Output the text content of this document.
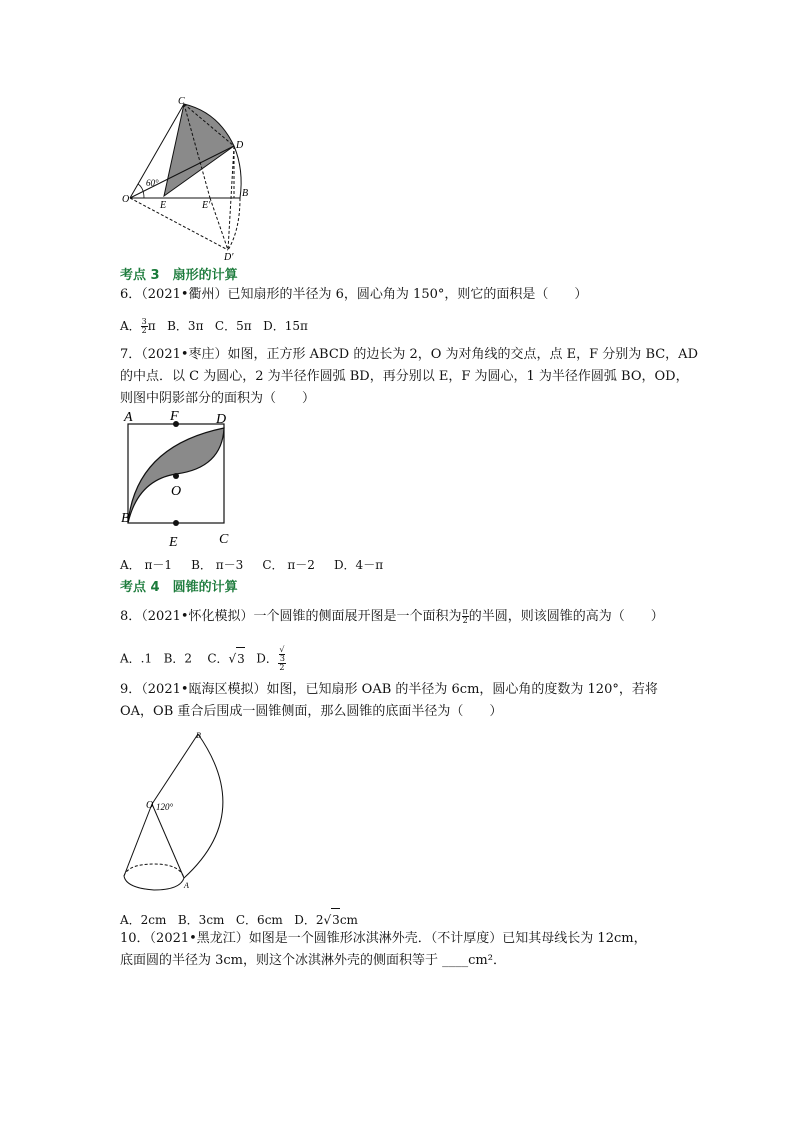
C
D
O
E	E′
B
D′
60°
考点 3　扇形的计算
6．（2021•衢州）已知扇形的半径为 6，圆心角为 150°，则它的面积是（　　）
A． $\frac{3}{2}$ π B．3π C．5π D．15π
7．（2021•枣庄）如图，正方形 ABCD 的边长为 2，O 为对角线的交点，点 E，F 分别为 BC，AD
的中点．以 C 为圆心，2 为半径作圆弧 BD，再分别以 E，F 为圆心，1 为半径作圆弧 BO，OD，
则图中阴影部分的面积为（　　）
A	F	D
O
B
E	C
A． π－1 B． π－3 C． π－2 D．4－π
考点 4　圆锥的计算
8．（2021•怀化模拟）一个圆锥的侧面展开图是一个面积为 $\frac{\pi}{2}$ 的半圆，则该圆锥的高为（　　）
A．.1 B．2 C．√3 D． √
3
2
9．（2021•瓯海区模拟）如图，已知扇形 OAB 的半径为 6cm，圆心角的度数为 120°，若将
OA，OB 重合后围成一圆锥侧面，那么圆锥的底面半径为（　　）
B
O 120°
A
A．2cm B．3cm C．6cm D．2√3cm
10．（2021•黑龙江）如图是一个圆锥形冰淇淋外壳．（不计厚度）已知其母线长为 12cm，
底面圆的半径为 3cm，则这个冰淇淋外壳的侧面积等于 ____cm²．
